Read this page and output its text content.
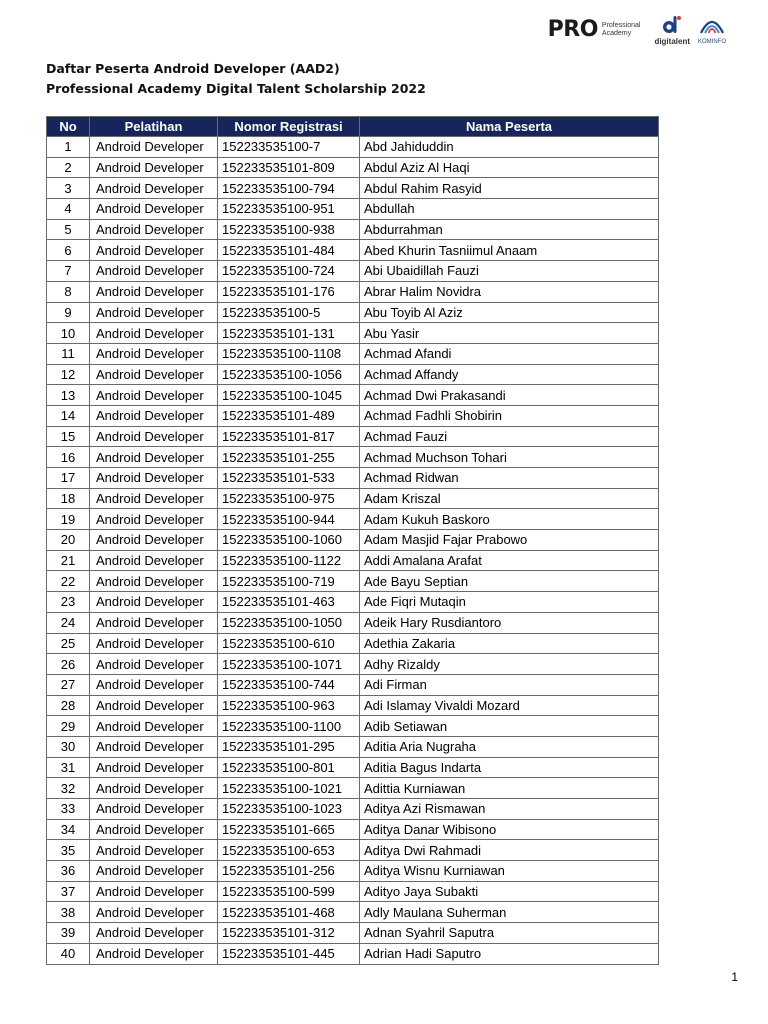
PRO Professional
Academy
digitalent KOMINFO
Daftar Peserta Android Developer (AAD2)
Professional Academy Digital Talent Scholarship 2022
No	Pelatihan	Nomor Registrasi	Nama Peserta
1	Android Developer	152233535100-7	Abd Jahiduddin
2	Android Developer	152233535101-809	Abdul Aziz Al Haqi
3	Android Developer	152233535100-794	Abdul Rahim Rasyid
4	Android Developer	152233535100-951	Abdullah
5	Android Developer	152233535100-938	Abdurrahman
6	Android Developer	152233535101-484	Abed Khurin Tasniimul Anaam
7	Android Developer	152233535100-724	Abi Ubaidillah Fauzi
8	Android Developer	152233535101-176	Abrar Halim Novidra
9	Android Developer	152233535100-5	Abu Toyib Al Aziz
10	Android Developer	152233535101-131	Abu Yasir
11	Android Developer	152233535100-1108	Achmad Afandi
12	Android Developer	152233535100-1056	Achmad Affandy
13	Android Developer	152233535100-1045	Achmad Dwi Prakasandi
14	Android Developer	152233535101-489	Achmad Fadhli Shobirin
15	Android Developer	152233535101-817	Achmad Fauzi
16	Android Developer	152233535101-255	Achmad Muchson Tohari
17	Android Developer	152233535101-533	Achmad Ridwan
18	Android Developer	152233535100-975	Adam Kriszal
19	Android Developer	152233535100-944	Adam Kukuh Baskoro
20	Android Developer	152233535100-1060	Adam Masjid Fajar Prabowo
21	Android Developer	152233535100-1122	Addi Amalana Arafat
22	Android Developer	152233535100-719	Ade Bayu Septian
23	Android Developer	152233535101-463	Ade Fiqri Mutaqin
24	Android Developer	152233535100-1050	Adeik Hary Rusdiantoro
25	Android Developer	152233535100-610	Adethia Zakaria
26	Android Developer	152233535100-1071	Adhy Rizaldy
27	Android Developer	152233535100-744	Adi Firman
28	Android Developer	152233535100-963	Adi Islamay Vivaldi Mozard
29	Android Developer	152233535100-1100	Adib Setiawan
30	Android Developer	152233535101-295	Aditia Aria Nugraha
31	Android Developer	152233535100-801	Aditia Bagus Indarta
32	Android Developer	152233535100-1021	Adittia Kurniawan
33	Android Developer	152233535100-1023	Aditya Azi Rismawan
34	Android Developer	152233535101-665	Aditya Danar Wibisono
35	Android Developer	152233535100-653	Aditya Dwi Rahmadi
36	Android Developer	152233535101-256	Aditya Wisnu Kurniawan
37	Android Developer	152233535100-599	Adityo Jaya Subakti
38	Android Developer	152233535101-468	Adly Maulana Suherman
39	Android Developer	152233535101-312	Adnan Syahril Saputra
40	Android Developer	152233535101-445	Adrian Hadi Saputro
1
